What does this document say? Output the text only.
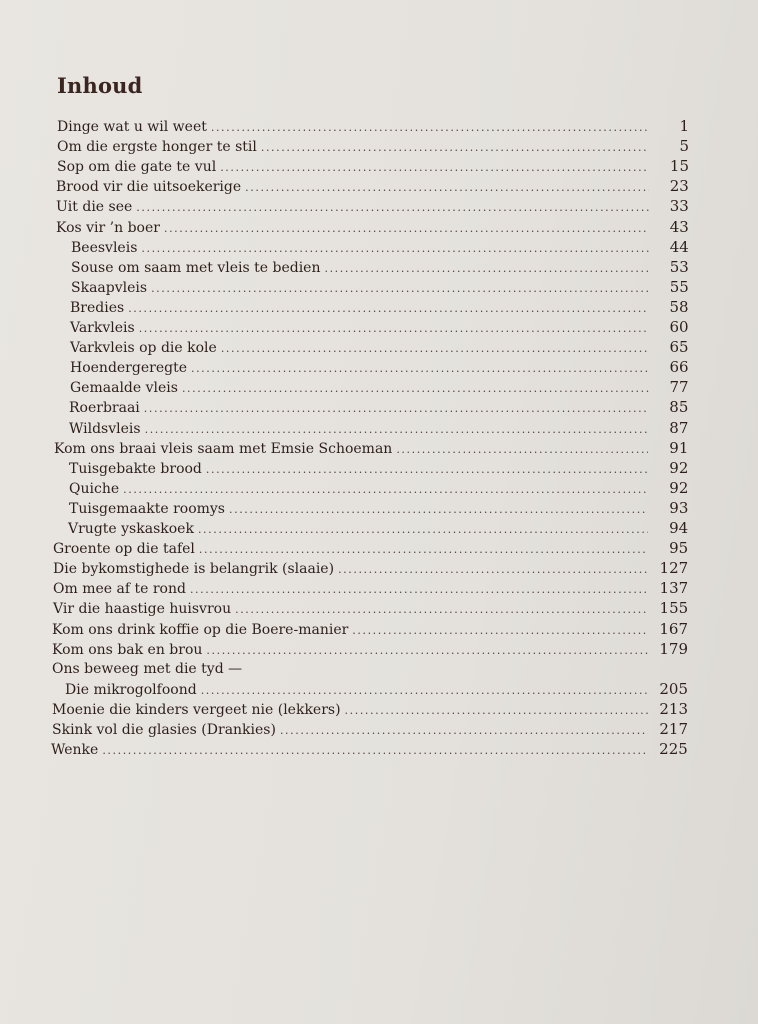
Inhoud
Dinge wat u wil weet .....	1
Om die ergste honger te stil .....	5
Sop om die gate te vul .....	15
Brood vir die uitsoekerige .....	23
Uit die see .....	33
Kos vir ’n boer .....	43
Beesvleis .....	44
Souse om saam met vleis te bedien .....	53
Skaapvleis .....	55
Bredies .....	58
Varkvleis .....	60
Varkvleis op die kole .....	65
Hoendergeregte .....	66
Gemaalde vleis .....	77
Roerbraai .....	85
Wildsvleis .....	87
Kom ons braai vleis saam met Emsie Schoeman .....	91
Tuisgebakte brood .....	92
Quiche .....	92
Tuisgemaakte roomys .....	93
Vrugte yskaskoek .....	94
Groente op die tafel .....	95
Die bykomstighede is belangrik (slaaie) .....	127
Om mee af te rond .....	137
Vir die haastige huisvrou .....	155
Kom ons drink koffie op die Boere-manier .....	167
Kom ons bak en brou .....	179
Ons beweeg met die tyd —
Die mikrogolfoond .....	205
Moenie die kinders vergeet nie (lekkers) .....	213
Skink vol die glasies (Drankies) .....	217
Wenke .....	225
